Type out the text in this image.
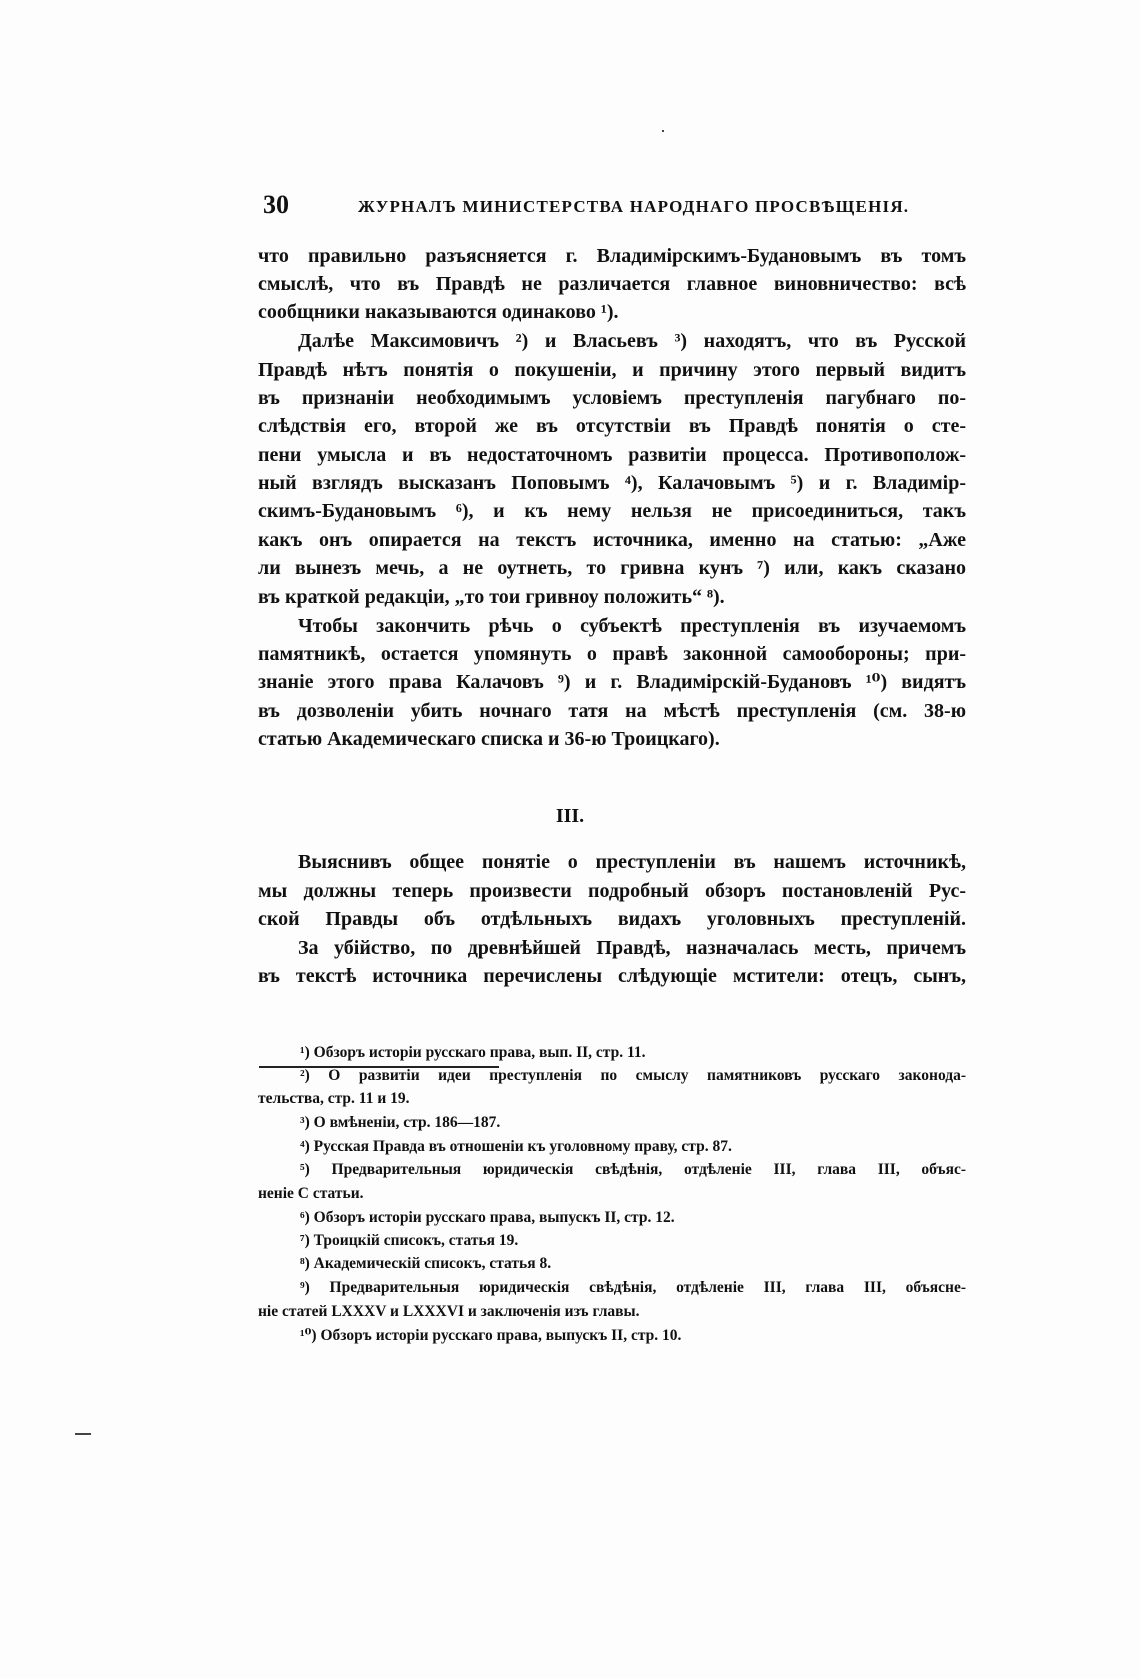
30	ЖУРНАЛЪ МИНИСТЕРСТВА НАРОДНАГО ПРОСВѢЩЕНІЯ.
что правильно разъясняется г. Владимірскимъ-Будановымъ въ томъ
смыслѣ, что въ Правдѣ не различается главное виновничество: всѣ
сообщники наказываются одинаково ¹).
Далѣе Максимовичъ ²) и Власьевъ ³) находятъ, что въ Русской
Правдѣ нѣтъ понятія о покушеніи, и причину этого первый видитъ
въ признаніи необходимымъ условіемъ преступленія пагубнаго по-
слѣдствія его, второй же въ отсутствіи въ Правдѣ понятія о сте-
пени умысла и въ недостаточномъ развитіи процесса. Противополож-
ный взглядъ высказанъ Поповымъ ⁴), Калачовымъ ⁵) и г. Владимір-
скимъ-Будановымъ ⁶), и къ нему нельзя не присоединиться, такъ
какъ онъ опирается на текстъ источника, именно на статью: „Аже
ли вынезъ мечь, а не оутнеть, то гривна кунъ ⁷) или, какъ сказано
въ краткой редакціи, „то тои гривноу положить“ ⁸).
Чтобы закончить рѣчь о субъектѣ преступленія въ изучаемомъ
памятникѣ, остается упомянуть о правѣ законной самообороны; при-
знаніе этого права Калачовъ ⁹) и г. Владимірскій-Будановъ ¹⁰) видятъ
въ дозволеніи убить ночнаго татя на мѣстѣ преступленія (см. 38-ю
статью Академическаго списка и 36-ю Троицкаго).
III.
Выяснивъ общее понятіе о преступленіи въ нашемъ источникѣ,
мы должны теперь произвести подробный обзоръ постановленій Рус-
ской Правды объ отдѣльныхъ видахъ уголовныхъ преступленій.
За убійство, по древнѣйшей Правдѣ, назначалась месть, причемъ
въ текстѣ источника перечислены слѣдующіе мстители: отецъ, сынъ,
¹) Обзоръ исторіи русскаго права, вып. II, стр. 11.
²) О развитіи идеи преступленія по смыслу памятниковъ русскаго законода-
тельства, стр. 11 и 19.
³) О вмѣненіи, стр. 186—187.
⁴) Русская Правда въ отношеніи къ уголовному праву, стр. 87.
⁵) Предварительныя юридическія свѣдѣнія, отдѣленіе III, глава III, объяс-
неніе С статьи.
⁶) Обзоръ исторіи русскаго права, выпускъ II, стр. 12.
⁷) Троицкій списокъ, статья 19.
⁸) Академическій списокъ, статья 8.
⁹) Предварительныя юридическія свѣдѣнія, отдѣленіе III, глава III, объясне-
ніе статей LXXXV и LXXXVI и заключенія изъ главы.
¹⁰) Обзоръ исторіи русскаго права, выпускъ II, стр. 10.
